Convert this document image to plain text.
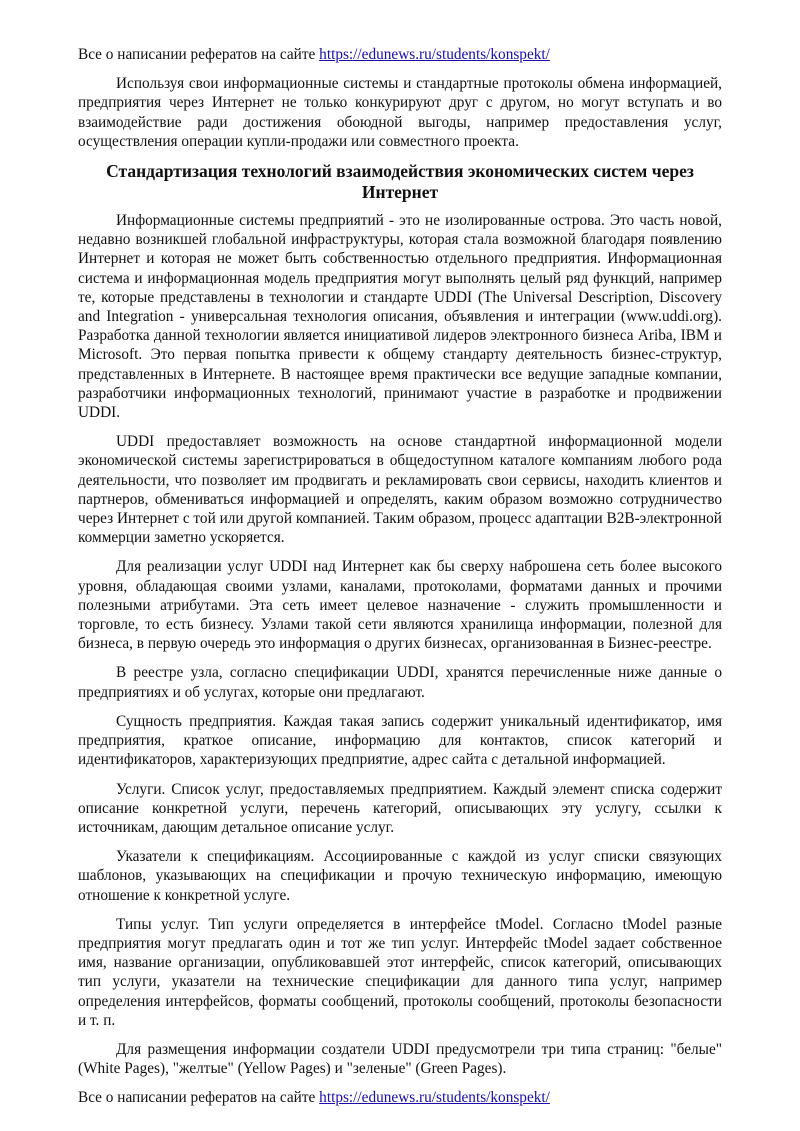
Все о написании рефератов на сайте https://edunews.ru/students/konspekt/

Используя свои информационные системы и стандартные протоколы обмена информацией, предприятия через Интернет не только конкурируют друг с другом, но могут вступать и во взаимодействие ради достижения обоюдной выгоды, например предоставления услуг, осуществления операции купли-продажи или совместного проекта.

Стандартизация технологий взаимодействия экономических систем через Интернет

Информационные системы предприятий - это не изолированные острова. Это часть новой, недавно возникшей глобальной инфраструктуры, которая стала возможной благодаря появлению Интернет и которая не может быть собственностью отдельного предприятия. Информационная система и информационная модель предприятия могут выполнять целый ряд функций, например те, которые представлены в технологии и стандарте UDDI (The Universal Description, Discovery and Integration - универсальная технология описания, объявления и интеграции (www.uddi.org). Разработка данной технологии является инициативой лидеров электронного бизнеса Ariba, IBM и Microsoft. Это первая попытка привести к общему стандарту деятельность бизнес-структур, представленных в Интернете. В настоящее время практически все ведущие западные компании, разработчики информационных технологий, принимают участие в разработке и продвижении UDDI.

UDDI предоставляет возможность на основе стандартной информационной модели экономической системы зарегистрироваться в общедоступном каталоге компаниям любого рода деятельности, что позволяет им продвигать и рекламировать свои сервисы, находить клиентов и партнеров, обмениваться информацией и определять, каким образом возможно сотрудничество через Интернет с той или другой компанией. Таким образом, процесс адаптации B2B-электронной коммерции заметно ускоряется.

Для реализации услуг UDDI над Интернет как бы сверху наброшена сеть более высокого уровня, обладающая своими узлами, каналами, протоколами, форматами данных и прочими полезными атрибутами. Эта сеть имеет целевое назначение - служить промышленности и торговле, то есть бизнесу. Узлами такой сети являются хранилища информации, полезной для бизнеса, в первую очередь это информация о других бизнесах, организованная в Бизнес-реестре.

В реестре узла, согласно спецификации UDDI, хранятся перечисленные ниже данные о предприятиях и об услугах, которые они предлагают.

Сущность предприятия. Каждая такая запись содержит уникальный идентификатор, имя предприятия, краткое описание, информацию для контактов, список категорий и идентификаторов, характеризующих предприятие, адрес сайта с детальной информацией.

Услуги. Список услуг, предоставляемых предприятием. Каждый элемент списка содержит описание конкретной услуги, перечень категорий, описывающих эту услугу, ссылки к источникам, дающим детальное описание услуг.

Указатели к спецификациям. Ассоциированные с каждой из услуг списки связующих шаблонов, указывающих на спецификации и прочую техническую информацию, имеющую отношение к конкретной услуге.

Типы услуг. Тип услуги определяется в интерфейсе tModel. Согласно tModel разные предприятия могут предлагать один и тот же тип услуг. Интерфейс tModel задает собственное имя, название организации, опубликовавшей этот интерфейс, список категорий, описывающих тип услуги, указатели на технические спецификации для данного типа услуг, например определения интерфейсов, форматы сообщений, протоколы сообщений, протоколы безопасности и т. п.

Для размещения информации создатели UDDI предусмотрели три типа страниц: "белые" (White Pages), "желтые" (Yellow Pages) и "зеленые" (Green Pages).

Все о написании рефератов на сайте https://edunews.ru/students/konspekt/
